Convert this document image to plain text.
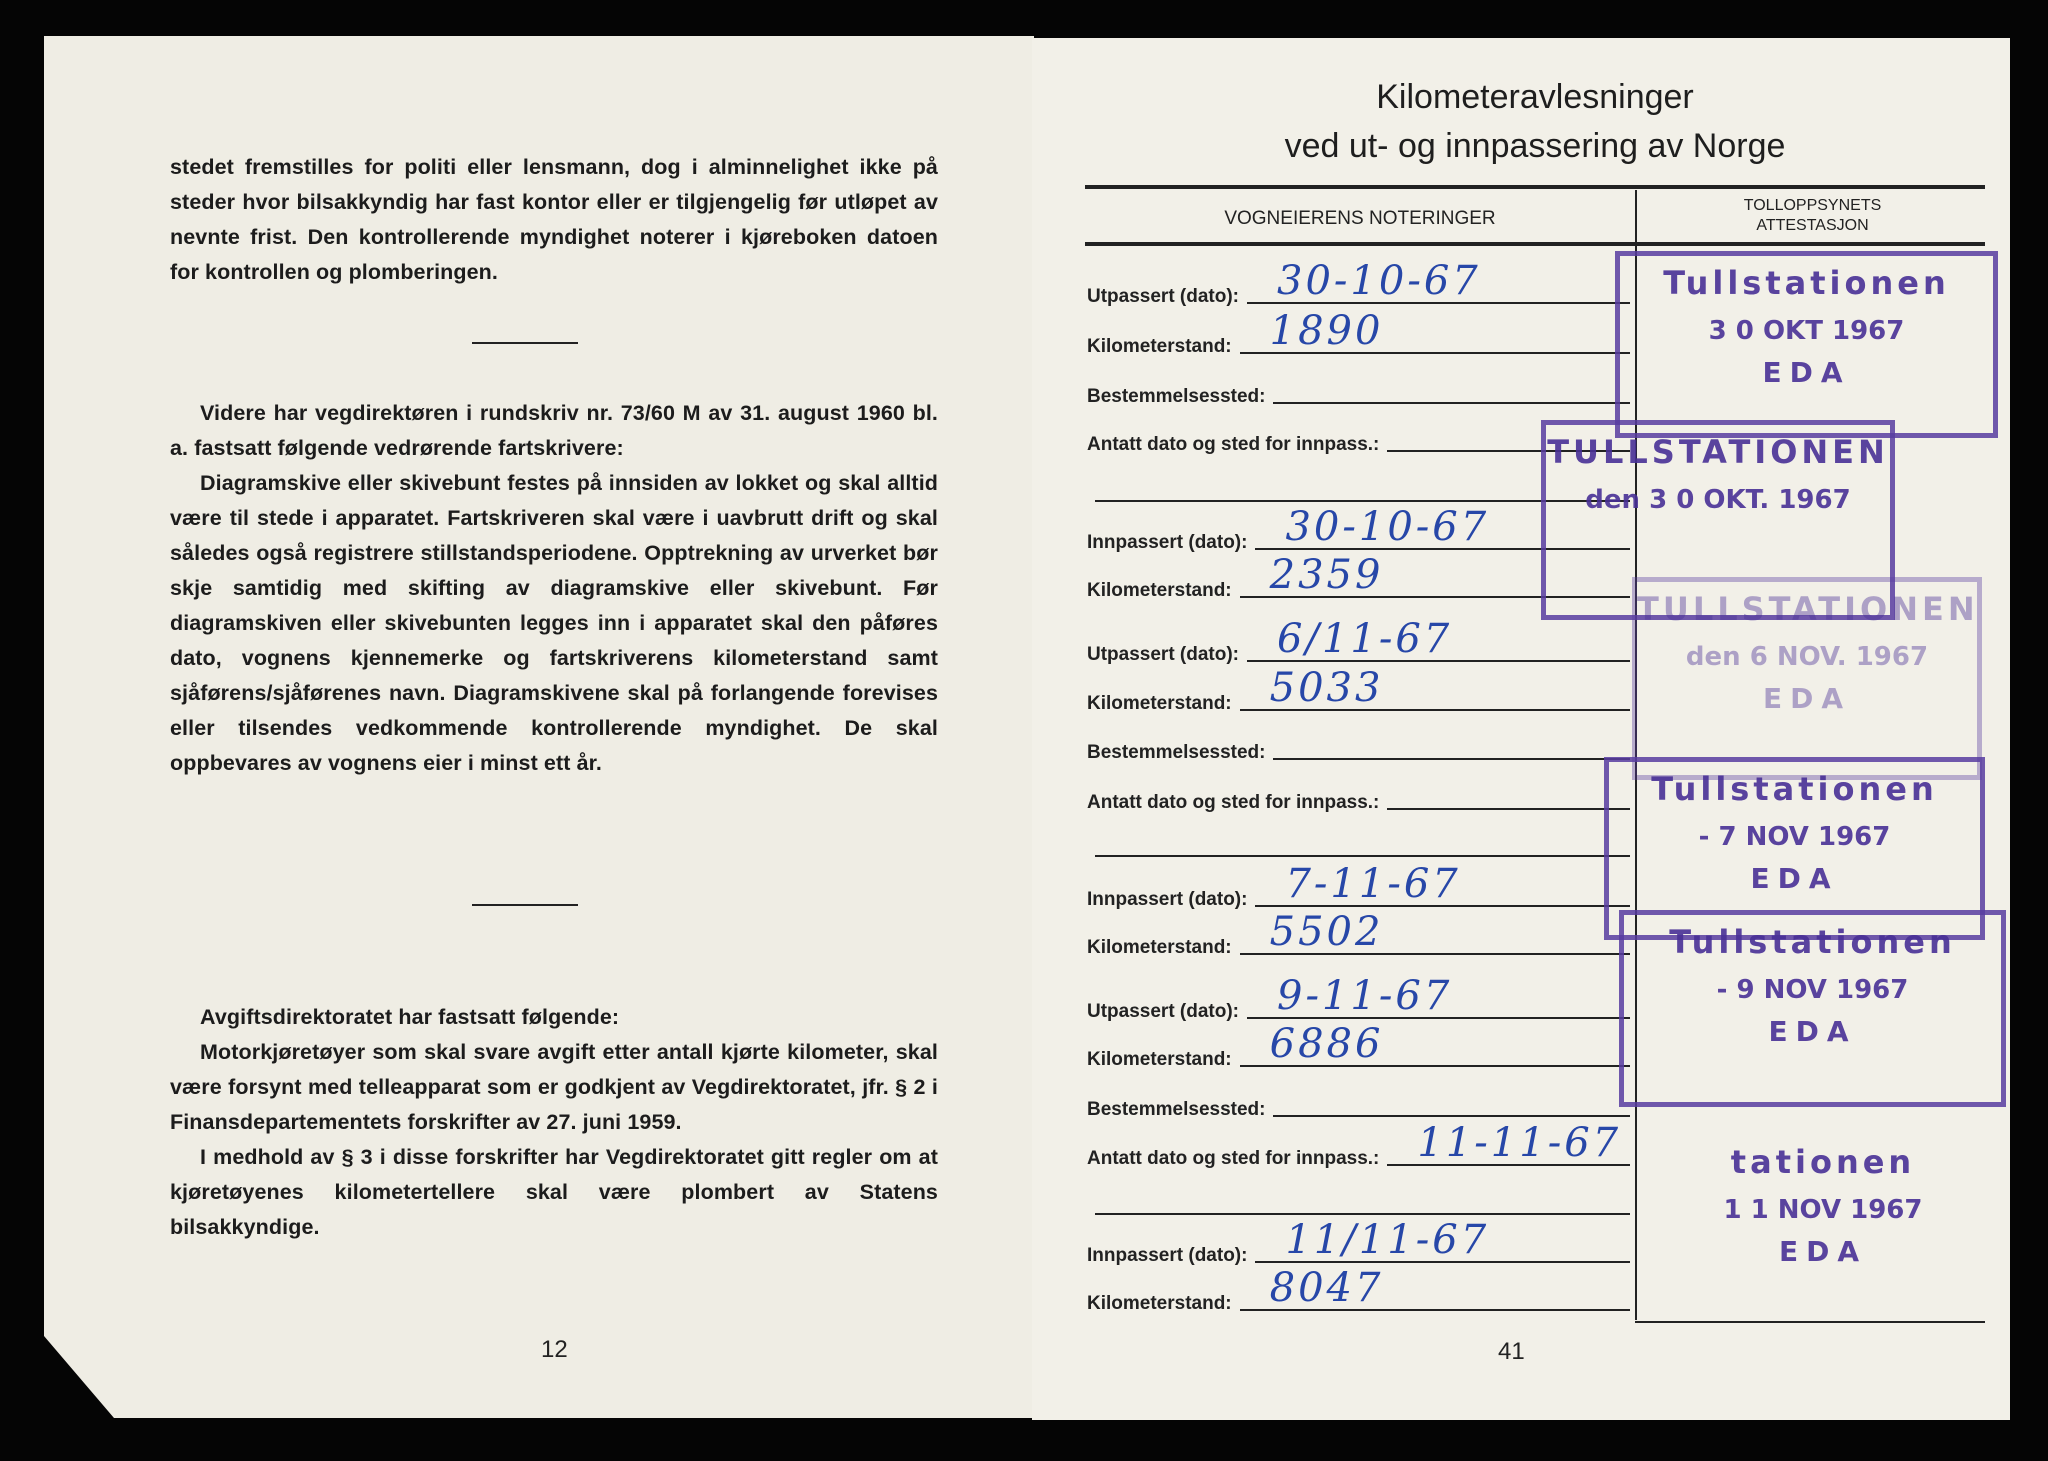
stedet fremstilles for politi eller lensmann, dog i alminnelighet ikke på steder hvor bilsakkyndig har fast kontor eller er tilgjengelig før utløpet av nevnte frist. Den kontrollerende myndighet noterer i kjøreboken datoen for kontrollen og plomberingen.

Videre har vegdirektøren i rundskriv nr. 73/60 M av 31. august 1960 bl. a. fastsatt følgende vedrørende fartskrivere:

Diagramskive eller skivebunt festes på innsiden av lokket og skal alltid være til stede i apparatet. Fartskriveren skal være i uavbrutt drift og skal således også registrere stillstandsperiodene. Opptrekning av urverket bør skje samtidig med skifting av diagramskive eller skivebunt. Før diagramskiven eller skivebunten legges inn i apparatet skal den påføres dato, vognens kjennemerke og fartskriverens kilometerstand samt sjåførens/sjåførenes navn. Diagramskivene skal på forlangende forevises eller tilsendes vedkommende kontrollerende myndighet. De skal oppbevares av vognens eier i minst ett år.

Avgiftsdirektoratet har fastsatt følgende:

Motorkjøretøyer som skal svare avgift etter antall kjørte kilometer, skal være forsynt med telleapparat som er godkjent av Vegdirektoratet, jfr. § 2 i Finansdepartementets forskrifter av 27. juni 1959.

I medhold av § 3 i disse forskrifter har Vegdirektoratet gitt regler om at kjøretøyenes kilometertellere skal være plombert av Statens bilsakkyndige.

12
Kilometeravlesninger
ved ut- og innpassering av Norge
VOGNEIERENS NOTERINGER
TOLLOPPSYNETS
ATTESTASJON
Utpassert (dato): 30-10-67
Kilometerstand: 1890
Bestemmelsessted:
Antatt dato og sted for innpass.:
Innpassert (dato): 30-10-67
Kilometerstand: 2359
Utpassert (dato): 6/11-67
Kilometerstand: 5033
Bestemmelsessted:
Antatt dato og sted for innpass.:
Innpassert (dato): 7-11-67
Kilometerstand: 5502
Utpassert (dato): 9-11-67
Kilometerstand: 6886
Bestemmelsessted:
Antatt dato og sted for innpass.: 11-11-67
Innpassert (dato): 11/11-67
Kilometerstand: 8047
Tullstationen
3 0 OKT 1967
EDA
TULLSTATIONEN
den 3 0 OKT. 1967
TULLSTATIONEN
den 6 NOV. 1967
EDA
Tullstationen
- 7 NOV 1967
EDA
Tullstationen
- 9 NOV 1967
EDA
tationen
1 1 NOV 1967
EDA
41
